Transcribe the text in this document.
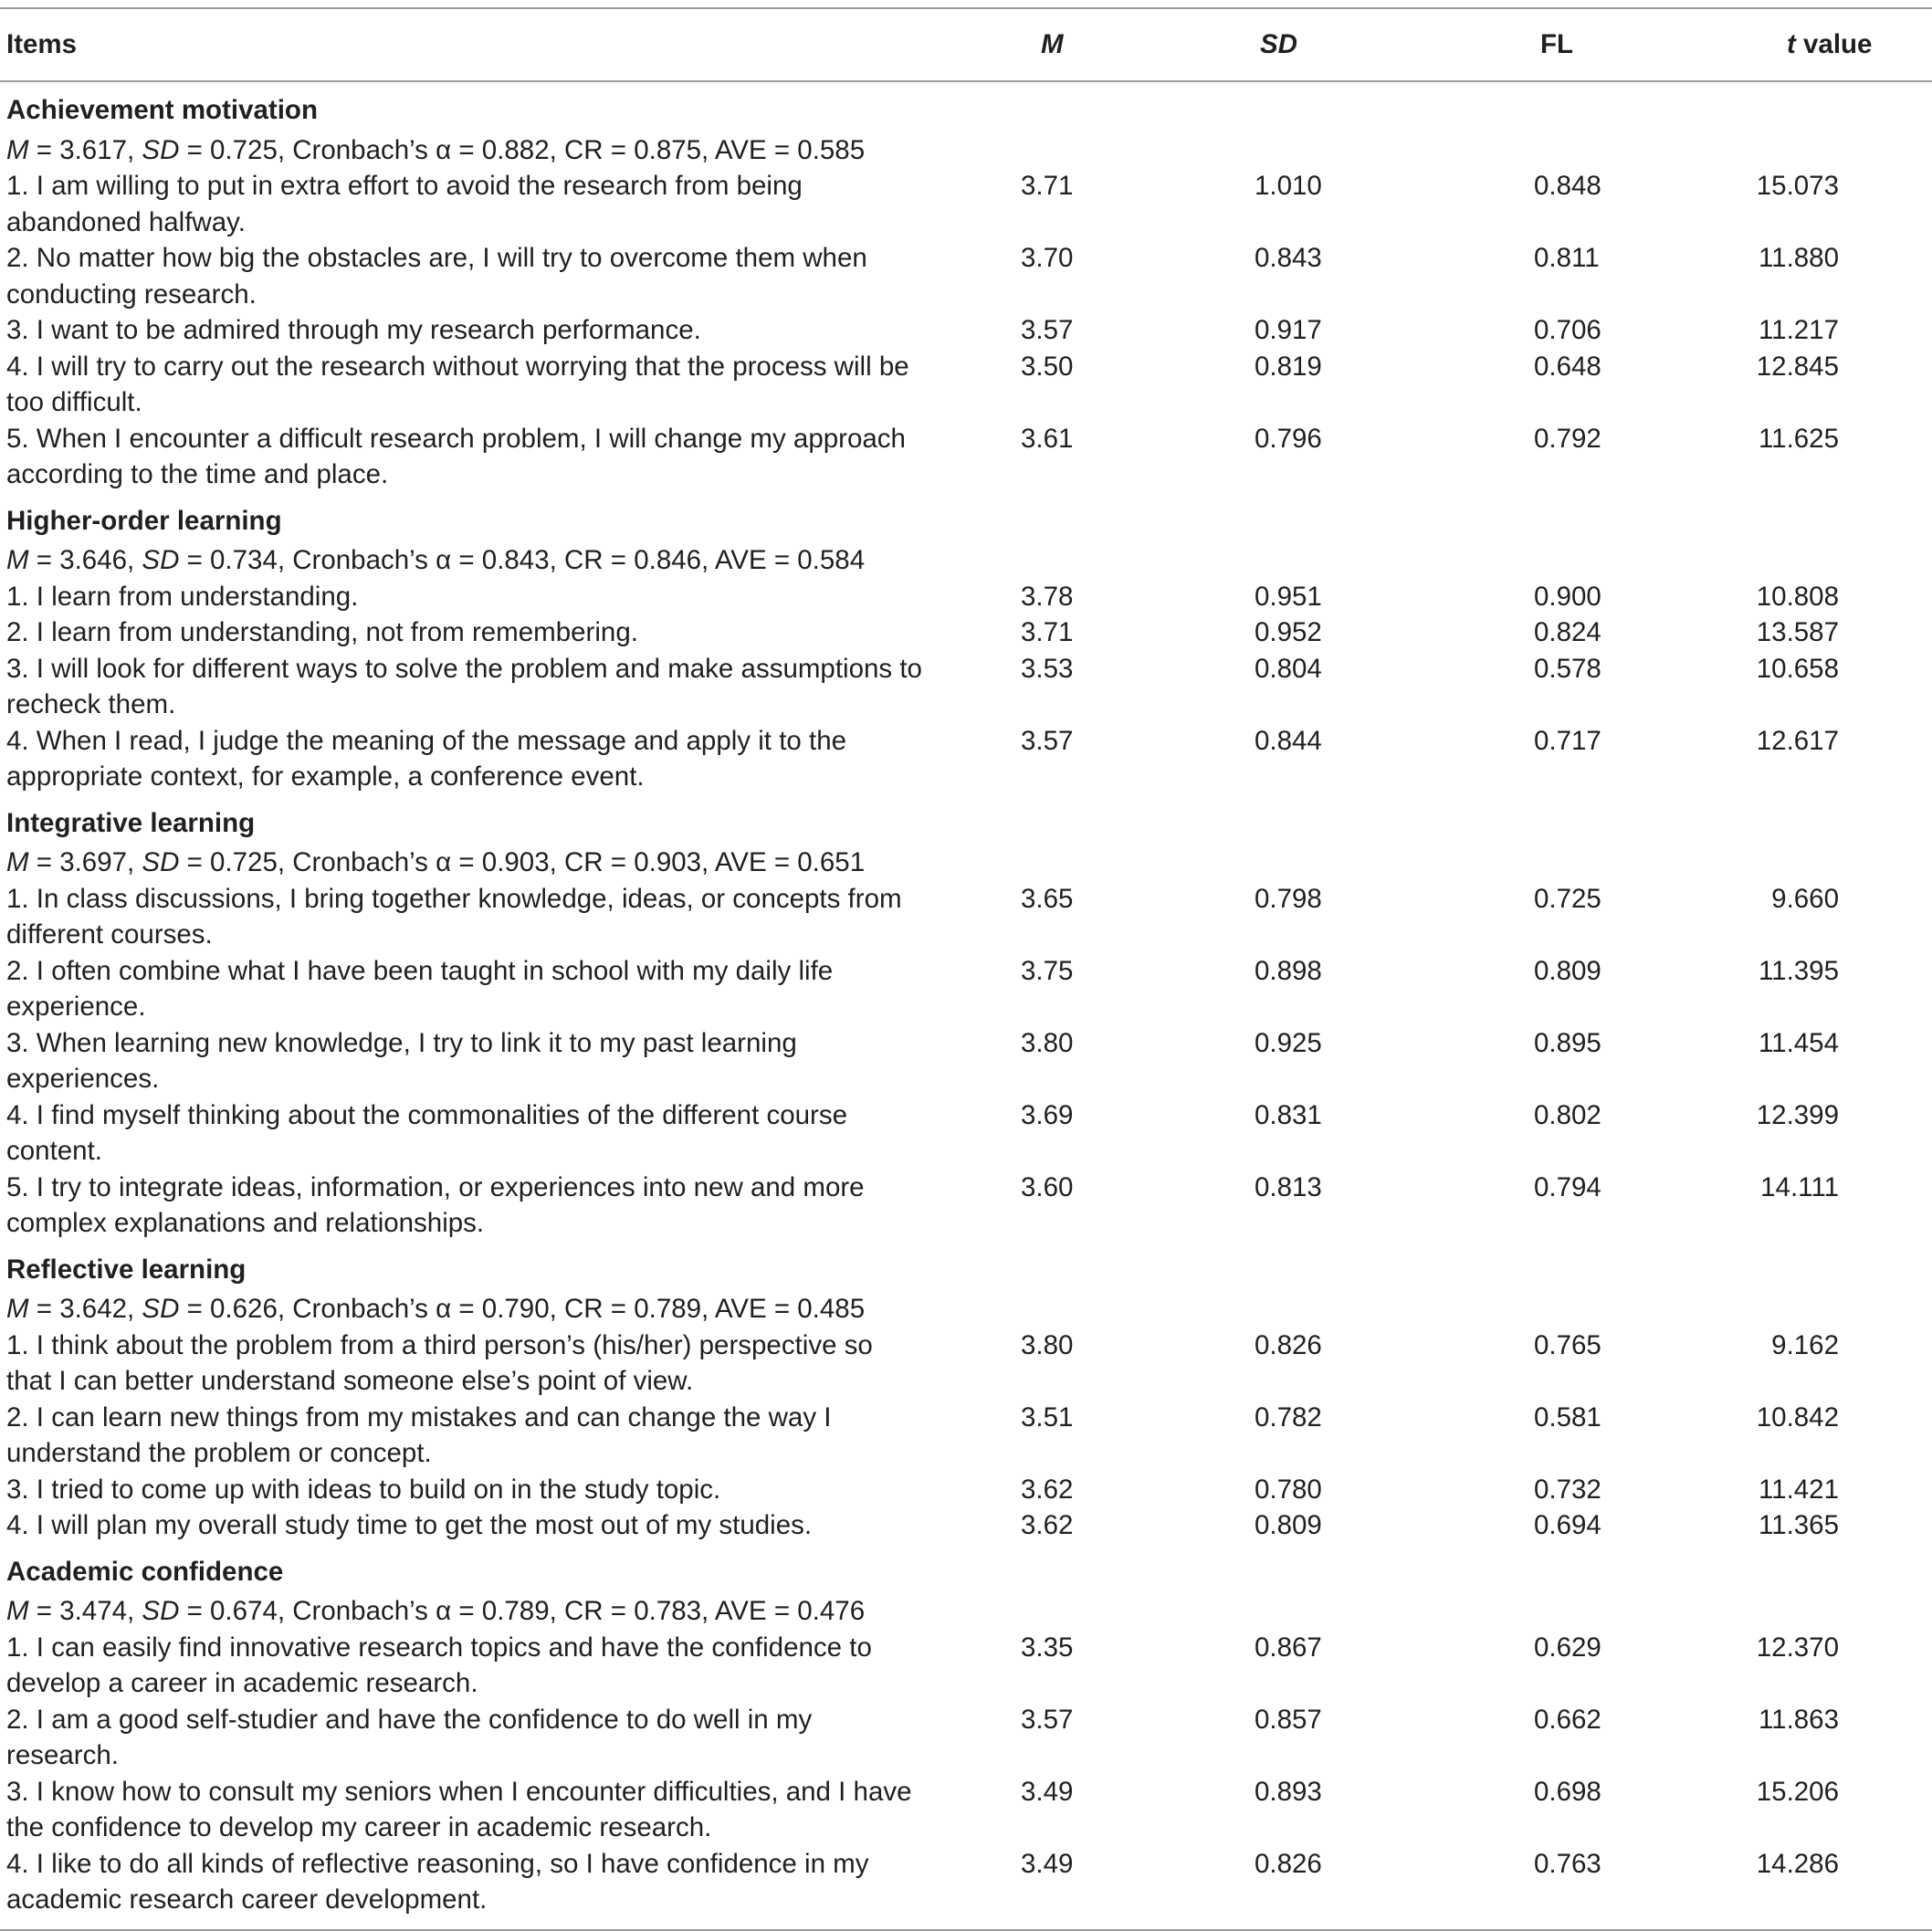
Items	M	SD	FL	t value
Achievement motivation				
M = 3.617, SD = 0.725, Cronbach’s α = 0.882, CR = 0.875, AVE = 0.585				
1. I am willing to put in extra effort to avoid the research from being abandoned halfway.	3.71	1.010	0.848	15.073
2. No matter how big the obstacles are, I will try to overcome them when conducting research.	3.70	0.843	0.811	11.880
3. I want to be admired through my research performance.	3.57	0.917	0.706	11.217
4. I will try to carry out the research without worrying that the process will be too difficult.	3.50	0.819	0.648	12.845
5. When I encounter a difficult research problem, I will change my approach according to the time and place.	3.61	0.796	0.792	11.625
Higher-order learning				
M = 3.646, SD = 0.734, Cronbach’s α = 0.843, CR = 0.846, AVE = 0.584				
1. I learn from understanding.	3.78	0.951	0.900	10.808
2. I learn from understanding, not from remembering.	3.71	0.952	0.824	13.587
3. I will look for different ways to solve the problem and make assumptions to recheck them.	3.53	0.804	0.578	10.658
4. When I read, I judge the meaning of the message and apply it to the appropriate context, for example, a conference event.	3.57	0.844	0.717	12.617
Integrative learning				
M = 3.697, SD = 0.725, Cronbach’s α = 0.903, CR = 0.903, AVE = 0.651				
1. In class discussions, I bring together knowledge, ideas, or concepts from different courses.	3.65	0.798	0.725	9.660
2. I often combine what I have been taught in school with my daily life experience.	3.75	0.898	0.809	11.395
3. When learning new knowledge, I try to link it to my past learning experiences.	3.80	0.925	0.895	11.454
4. I find myself thinking about the commonalities of the different course content.	3.69	0.831	0.802	12.399
5. I try to integrate ideas, information, or experiences into new and more complex explanations and relationships.	3.60	0.813	0.794	14.111
Reflective learning				
M = 3.642, SD = 0.626, Cronbach’s α = 0.790, CR = 0.789, AVE = 0.485				
1. I think about the problem from a third person’s (his/her) perspective so that I can better understand someone else’s point of view.	3.80	0.826	0.765	9.162
2. I can learn new things from my mistakes and can change the way I understand the problem or concept.	3.51	0.782	0.581	10.842
3. I tried to come up with ideas to build on in the study topic.	3.62	0.780	0.732	11.421
4. I will plan my overall study time to get the most out of my studies.	3.62	0.809	0.694	11.365
Academic confidence				
M = 3.474, SD = 0.674, Cronbach’s α = 0.789, CR = 0.783, AVE = 0.476				
1. I can easily find innovative research topics and have the confidence to develop a career in academic research.	3.35	0.867	0.629	12.370
2. I am a good self-studier and have the confidence to do well in my research.	3.57	0.857	0.662	11.863
3. I know how to consult my seniors when I encounter difficulties, and I have the confidence to develop my career in academic research.	3.49	0.893	0.698	15.206
4. I like to do all kinds of reflective reasoning, so I have confidence in my academic research career development.	3.49	0.826	0.763	14.286
